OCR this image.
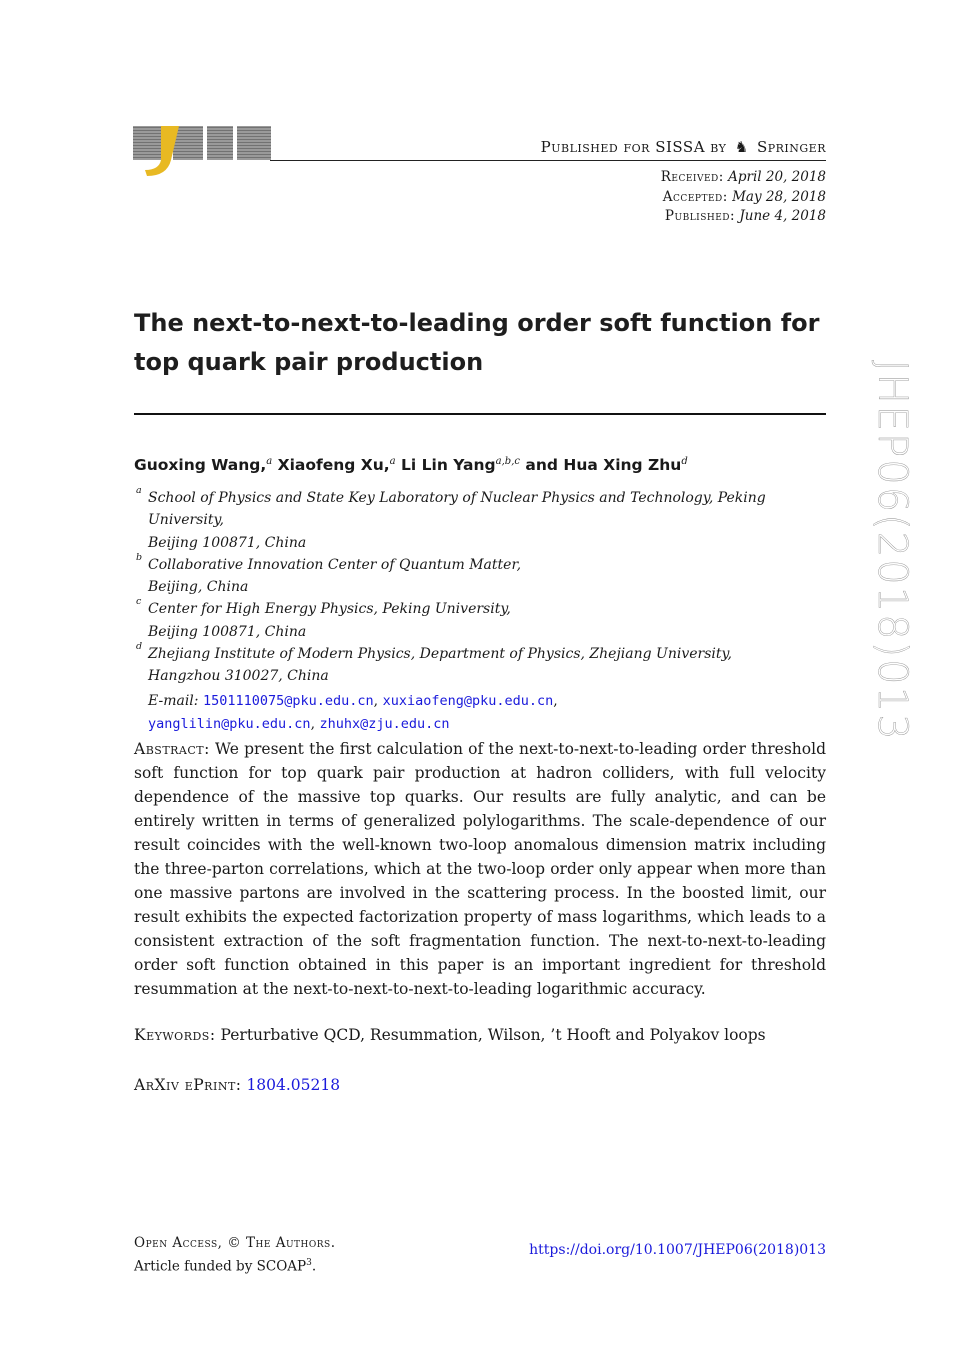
Published for SISSA by ♞ Springer
Received: April 20, 2018
Accepted: May 28, 2018
Published: June 4, 2018
The next-to-next-to-leading order soft function for
top quark pair production
Guoxing Wang,$^a$ Xiaofeng Xu,$^a$ Li Lin Yang$^{a,b,c}$ and Hua Xing Zhu$^d$
a School of Physics and State Key Laboratory of Nuclear Physics and Technology, Peking University,
Beijing 100871, China
b Collaborative Innovation Center of Quantum Matter,
Beijing, China
c Center for High Energy Physics, Peking University,
Beijing 100871, China
d Zhejiang Institute of Modern Physics, Department of Physics, Zhejiang University,
Hangzhou 310027, China
E-mail: 1501110075@pku.edu.cn, xuxiaofeng@pku.edu.cn,
yanglilin@pku.edu.cn, zhuhx@zju.edu.cn
Abstract: We present the first calculation of the next-to-next-to-leading order threshold soft function for top quark pair production at hadron colliders, with full velocity dependence of the massive top quarks. Our results are fully analytic, and can be entirely written in terms of generalized polylogarithms. The scale-dependence of our result coincides with the well-known two-loop anomalous dimension matrix including the three-parton correlations, which at the two-loop order only appear when more than one massive partons are involved in the scattering process. In the boosted limit, our result exhibits the expected factorization property of mass logarithms, which leads to a consistent extraction of the soft fragmentation function. The next-to-next-to-leading order soft function obtained in this paper is an important ingredient for threshold resummation at the next-to-next-to-next-to-leading logarithmic accuracy.
Keywords: Perturbative QCD, Resummation, Wilson, ’t Hooft and Polyakov loops
ArXiv ePrint: 1804.05218
Open Access, © The Authors.
Article funded by SCOAP$^3$.
https://doi.org/10.1007/JHEP06(2018)013
JHEP06(2018)013
